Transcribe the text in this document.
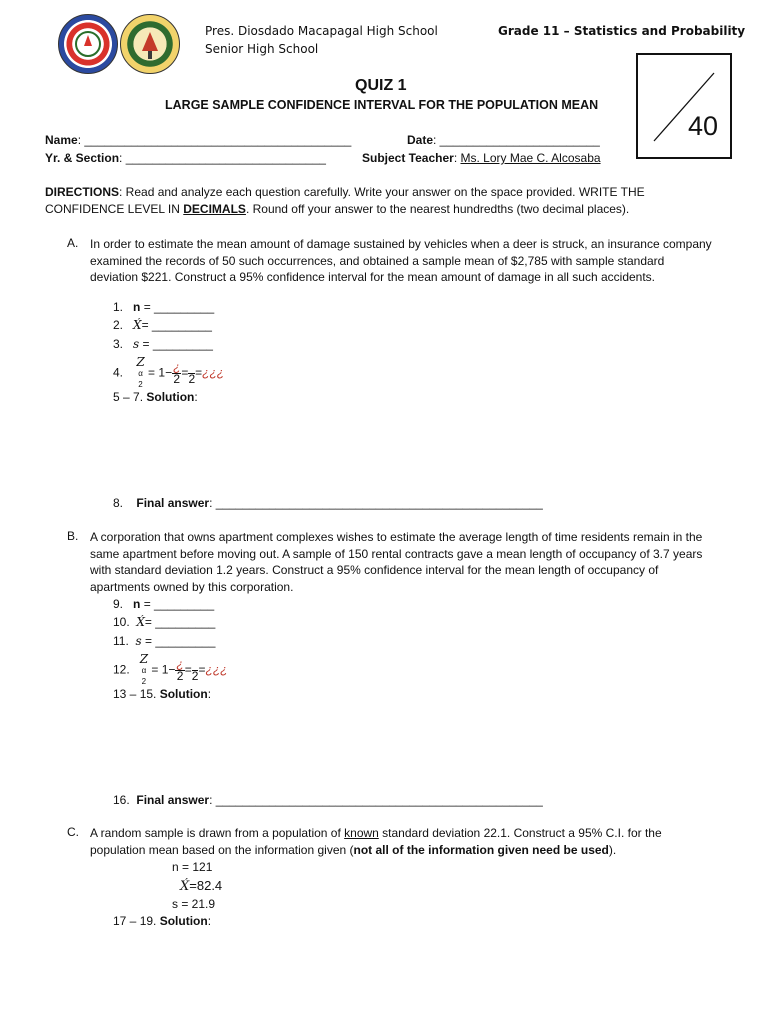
Pres. Diosdado Macapagal High School
Senior High School
Grade 11 – Statistics and Probability
40
QUIZ 1
LARGE SAMPLE CONFIDENCE INTERVAL FOR THE POPULATION MEAN
Name: ________________________________________	Date: ________________________
Yr. & Section: ______________________________	Subject Teacher: Ms. Lory Mae C. Alcosaba
DIRECTIONS: Read and analyze each question carefully. Write your answer on the space provided. WRITE THE CONFIDENCE LEVEL IN DECIMALS. Round off your answer to the nearest hundredths (two decimal places).
A. In order to estimate the mean amount of damage sustained by vehicles when a deer is struck, an insurance company examined the records of 50 such occurrences, and obtained a sample mean of $2,785 with sample standard deviation $221. Construct a 95% confidence interval for the mean amount of damage in all such accidents.
1. n = _________
2. X́= _________
3. s = _________
4.
Z
α
2
= $1- \frac{¿}{2}$ =
2 =¿¿¿
5 – 7. Solution:
8. Final answer: _________________________________________________
B. A corporation that owns apartment complexes wishes to estimate the average length of time residents remain in the same apartment before moving out. A sample of 150 rental contracts gave a mean length of occupancy of 3.7 years with standard deviation 1.2 years. Construct a 95% confidence interval for the mean length of occupancy of apartments owned by this corporation.
9. n = _________
10. X́= _________
11. s = _________
12.
Z
α
2
= $1- \frac{¿}{2}$ =
2 =¿¿¿
13 – 15. Solution:
16. Final answer: _________________________________________________
C. A random sample is drawn from a population of known standard deviation 22.1. Construct a 95% C.I. for the population mean based on the information given (not all of the information given need be used).
n = 121
X́=82.4
s = 21.9
17 – 19. Solution:
